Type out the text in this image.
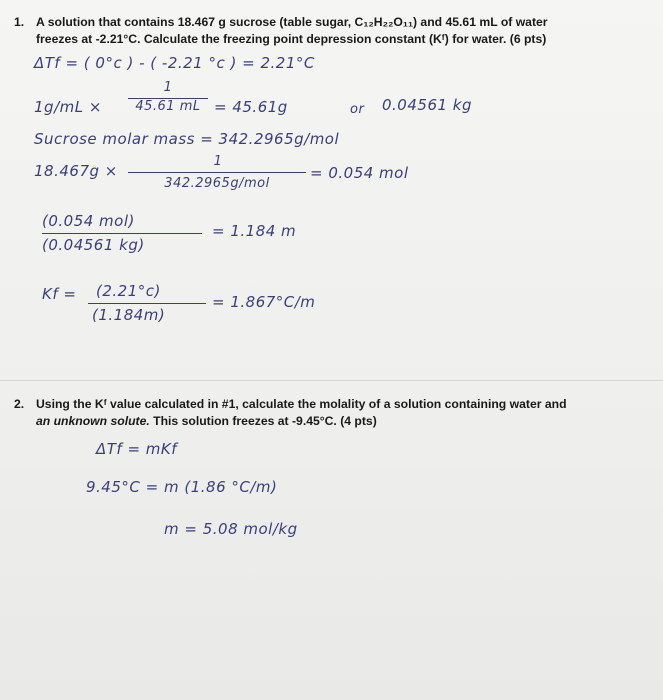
1. A solution that contains 18.467 g sucrose (table sugar, C₁₂H₂₂O₁₁) and 45.61 mL of water
freezes at -2.21°C. Calculate the freezing point depression constant (Kᶠ) for water. (6 pts)
ΔTf = ( 0°c ) - ( -2.21 °c ) = 2.21°C
1g/mL ×
1
45.61 mL = 45.61g	or 0.04561 kg
Sucrose molar mass = 342.2965g/mol
18.467g ×
1
342.2965g/mol
= 0.054 mol
(0.054 mol)
(0.04561 kg)
= 1.184 m
Kf = (2.21°c)
(1.184m)
= 1.867°C/m
2. Using the Kᶠ value calculated in #1, calculate the molality of a solution containing water and
an unknown solute. This solution freezes at -9.45°C. (4 pts)
ΔTf = mKf
9.45°C = m (1.86 °C/m)
m = 5.08 mol/kg
